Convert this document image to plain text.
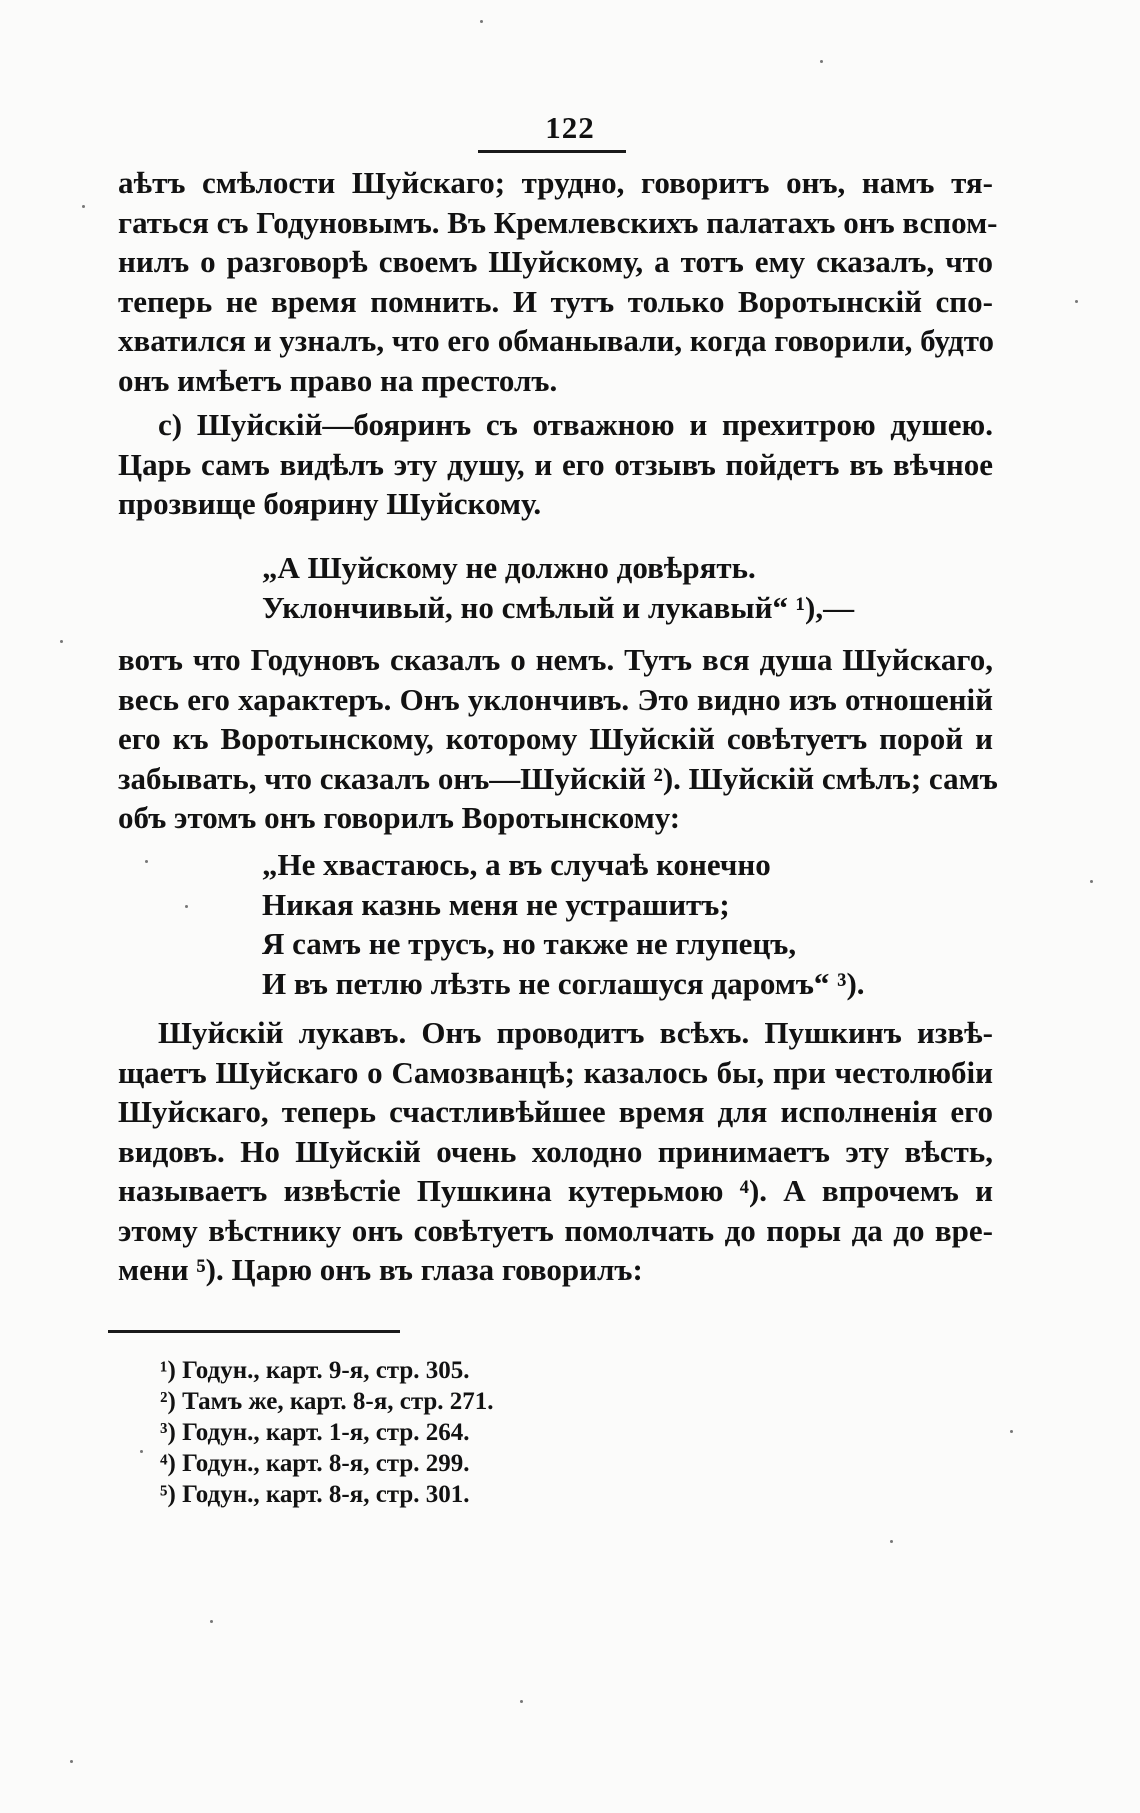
122
аѣтъ смѣлости Шуйскаго; трудно, говоритъ онъ, намъ тя-
гаться съ Годуновымъ. Въ Кремлевскихъ палатахъ онъ вспом-
нилъ о разговорѣ своемъ Шуйскому, а тотъ ему сказалъ, что
теперь не время помнить. И тутъ только Воротынскій спо-
хватился и узналъ, что его обманывали, когда говорили, будто
онъ имѣетъ право на престолъ.
c) Шуйскій—бояринъ съ отважною и прехитрою душею.
Царь самъ видѣлъ эту душу, и его отзывъ пойдетъ въ вѣчное
прозвище боярину Шуйскому.
„А Шуйскому не должно довѣрять.
Уклончивый, но смѣлый и лукавый“ ¹),—
вотъ что Годуновъ сказалъ о немъ. Тутъ вся душа Шуйскаго,
весь его характеръ. Онъ уклончивъ. Это видно изъ отношеній
его къ Воротынскому, которому Шуйскій совѣтуетъ порой и
забывать, что сказалъ онъ—Шуйскій ²). Шуйскій смѣлъ; самъ
объ этомъ онъ говорилъ Воротынскому:
„Не хвастаюсь, а въ случаѣ конечно
Никая казнь меня не устрашитъ;
Я самъ не трусъ, но также не глупецъ,
И въ петлю лѣзть не соглашуся даромъ“ ³).
Шуйскій лукавъ. Онъ проводитъ всѣхъ. Пушкинъ извѣ-
щаетъ Шуйскаго о Самозванцѣ; казалось бы, при честолюбіи
Шуйскаго, теперь счастливѣйшее время для исполненія его
видовъ. Но Шуйскій очень холодно принимаетъ эту вѣсть,
называетъ извѣстіе Пушкина кутерьмою ⁴). А впрочемъ и
этому вѣстнику онъ совѣтуетъ помолчать до поры да до вре-
мени ⁵). Царю онъ въ глаза говорилъ:
¹) Годун., карт. 9-я, стр. 305.
²) Тамъ же, карт. 8-я, стр. 271.
³) Годун., карт. 1-я, стр. 264.
⁴) Годун., карт. 8-я, стр. 299.
⁵) Годун., карт. 8-я, стр. 301.
